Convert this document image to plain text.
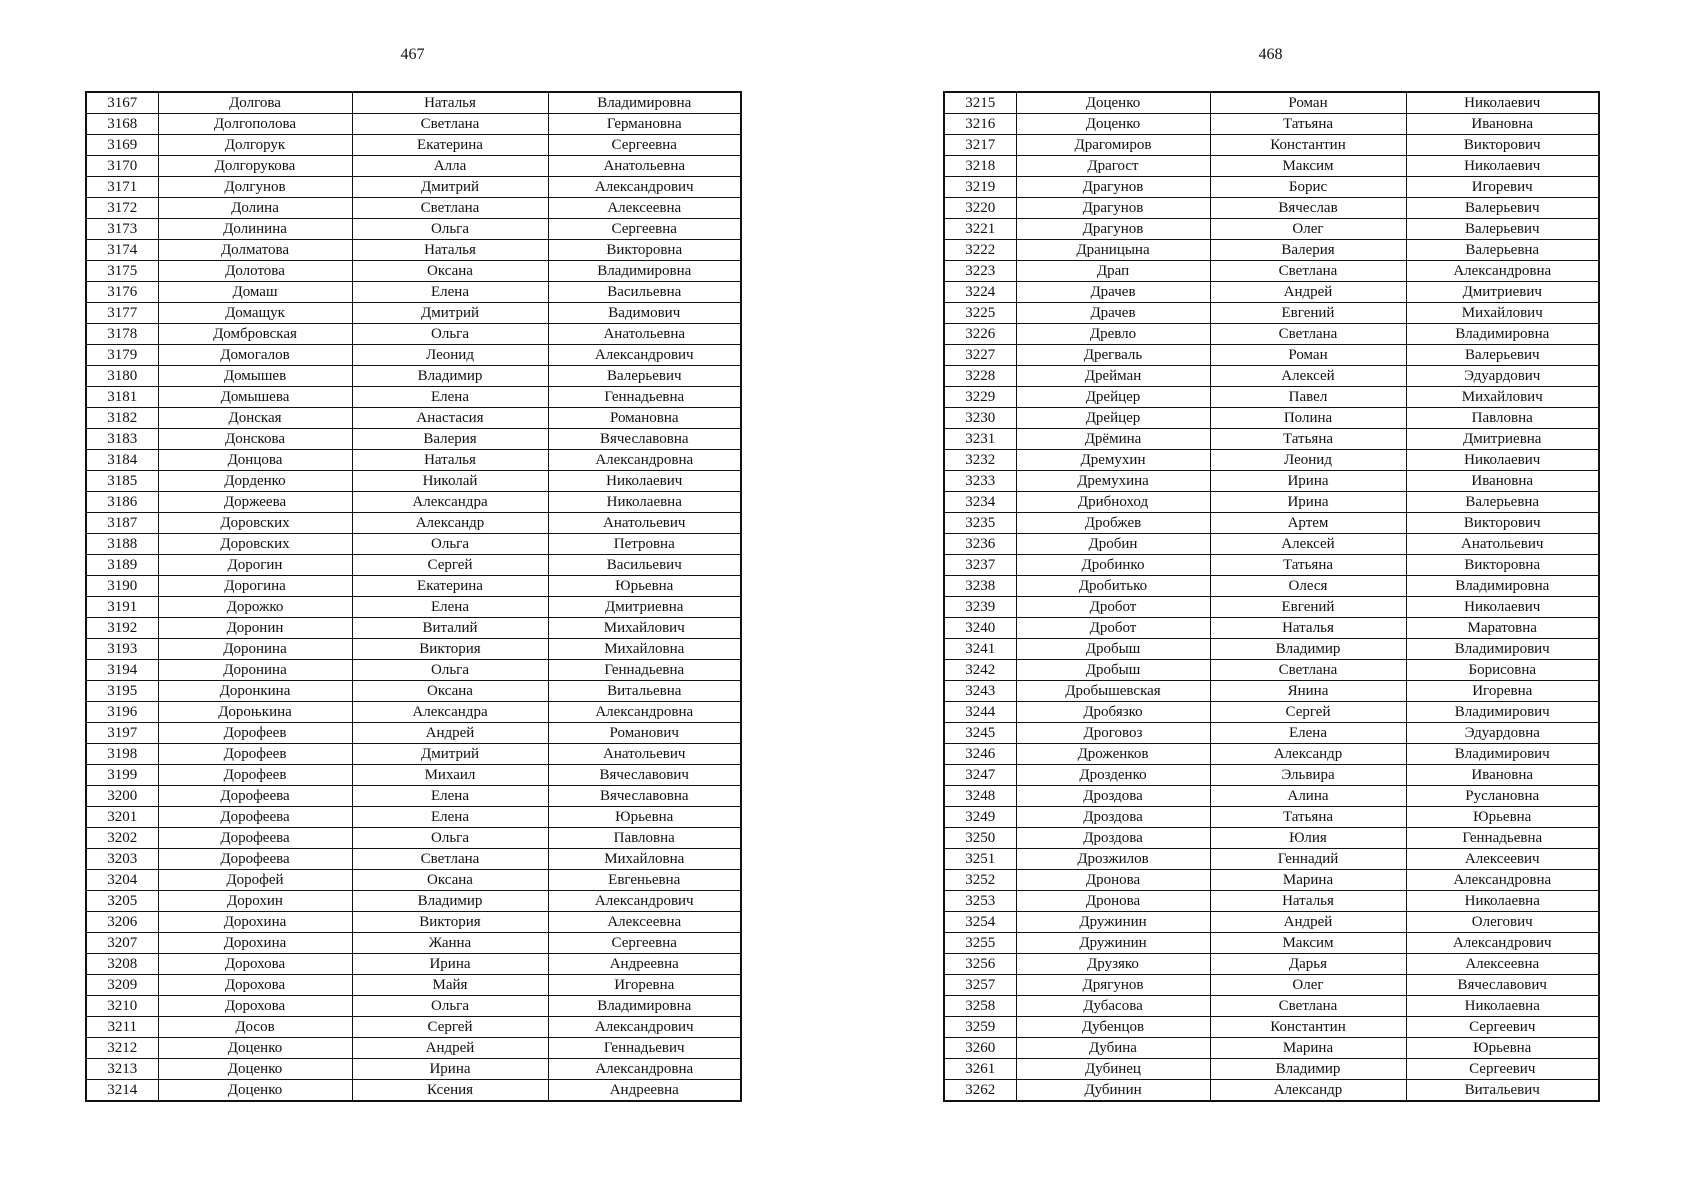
467
3167	Долгова	Наталья	Владимировна
3168	Долгополова	Светлана	Германовна
3169	Долгорук	Екатерина	Сергеевна
3170	Долгорукова	Алла	Анатольевна
3171	Долгунов	Дмитрий	Александрович
3172	Долина	Светлана	Алексеевна
3173	Долинина	Ольга	Сергеевна
3174	Долматова	Наталья	Викторовна
3175	Долотова	Оксана	Владимировна
3176	Домаш	Елена	Васильевна
3177	Домащук	Дмитрий	Вадимович
3178	Домбровская	Ольга	Анатольевна
3179	Домогалов	Леонид	Александрович
3180	Домышев	Владимир	Валерьевич
3181	Домышева	Елена	Геннадьевна
3182	Донская	Анастасия	Романовна
3183	Донскова	Валерия	Вячеславовна
3184	Донцова	Наталья	Александровна
3185	Дорденко	Николай	Николаевич
3186	Доржеева	Александра	Николаевна
3187	Доровских	Александр	Анатольевич
3188	Доровских	Ольга	Петровна
3189	Дорогин	Сергей	Васильевич
3190	Дорогина	Екатерина	Юрьевна
3191	Дорожко	Елена	Дмитриевна
3192	Доронин	Виталий	Михайлович
3193	Доронина	Виктория	Михайловна
3194	Доронина	Ольга	Геннадьевна
3195	Доронкина	Оксана	Витальевна
3196	Дороњкина	Александра	Александровна
3197	Дорофеев	Андрей	Романович
3198	Дорофеев	Дмитрий	Анатольевич
3199	Дорофеев	Михаил	Вячеславович
3200	Дорофеева	Елена	Вячеславовна
3201	Дорофеева	Елена	Юрьевна
3202	Дорофеева	Ольга	Павловна
3203	Дорофеева	Светлана	Михайловна
3204	Дорофей	Оксана	Евгеньевна
3205	Дорохин	Владимир	Александрович
3206	Дорохина	Виктория	Алексеевна
3207	Дорохина	Жанна	Сергеевна
3208	Дорохова	Ирина	Андреевна
3209	Дорохова	Майя	Игоревна
3210	Дорохова	Ольга	Владимировна
3211	Досов	Сергей	Александрович
3212	Доценко	Андрей	Геннадьевич
3213	Доценко	Ирина	Александровна
3214	Доценко	Ксения	Андреевна
468
3215	Доценко	Роман	Николаевич
3216	Доценко	Татьяна	Ивановна
3217	Драгомиров	Константин	Викторович
3218	Драгост	Максим	Николаевич
3219	Драгунов	Борис	Игоревич
3220	Драгунов	Вячеслав	Валерьевич
3221	Драгунов	Олег	Валерьевич
3222	Драницына	Валерия	Валерьевна
3223	Драп	Светлана	Александровна
3224	Драчев	Андрей	Дмитриевич
3225	Драчев	Евгений	Михайлович
3226	Древло	Светлана	Владимировна
3227	Дрегваль	Роман	Валерьевич
3228	Дрейман	Алексей	Эдуардович
3229	Дрейцер	Павел	Михайлович
3230	Дрейцер	Полина	Павловна
3231	Дрёмина	Татьяна	Дмитриевна
3232	Дремухин	Леонид	Николаевич
3233	Дремухина	Ирина	Ивановна
3234	Дрибноход	Ирина	Валерьевна
3235	Дробжев	Артем	Викторович
3236	Дробин	Алексей	Анатольевич
3237	Дробинко	Татьяна	Викторовна
3238	Дробитько	Олеся	Владимировна
3239	Дробот	Евгений	Николаевич
3240	Дробот	Наталья	Маратовна
3241	Дробыш	Владимир	Владимирович
3242	Дробыш	Светлана	Борисовна
3243	Дробышевская	Янина	Игоревна
3244	Дробязко	Сергей	Владимирович
3245	Дроговоз	Елена	Эдуардовна
3246	Дроженков	Александр	Владимирович
3247	Дрозденко	Эльвира	Ивановна
3248	Дроздова	Алина	Руслановна
3249	Дроздова	Татьяна	Юрьевна
3250	Дроздова	Юлия	Геннадьевна
3251	Дрозжилов	Геннадий	Алексеевич
3252	Дронова	Марина	Александровна
3253	Дронова	Наталья	Николаевна
3254	Дружинин	Андрей	Олегович
3255	Дружинин	Максим	Александрович
3256	Друзяко	Дарья	Алексеевна
3257	Дрягунов	Олег	Вячеславович
3258	Дубасова	Светлана	Николаевна
3259	Дубенцов	Константин	Сергеевич
3260	Дубина	Марина	Юрьевна
3261	Дубинец	Владимир	Сергеевич
3262	Дубинин	Александр	Витальевич
